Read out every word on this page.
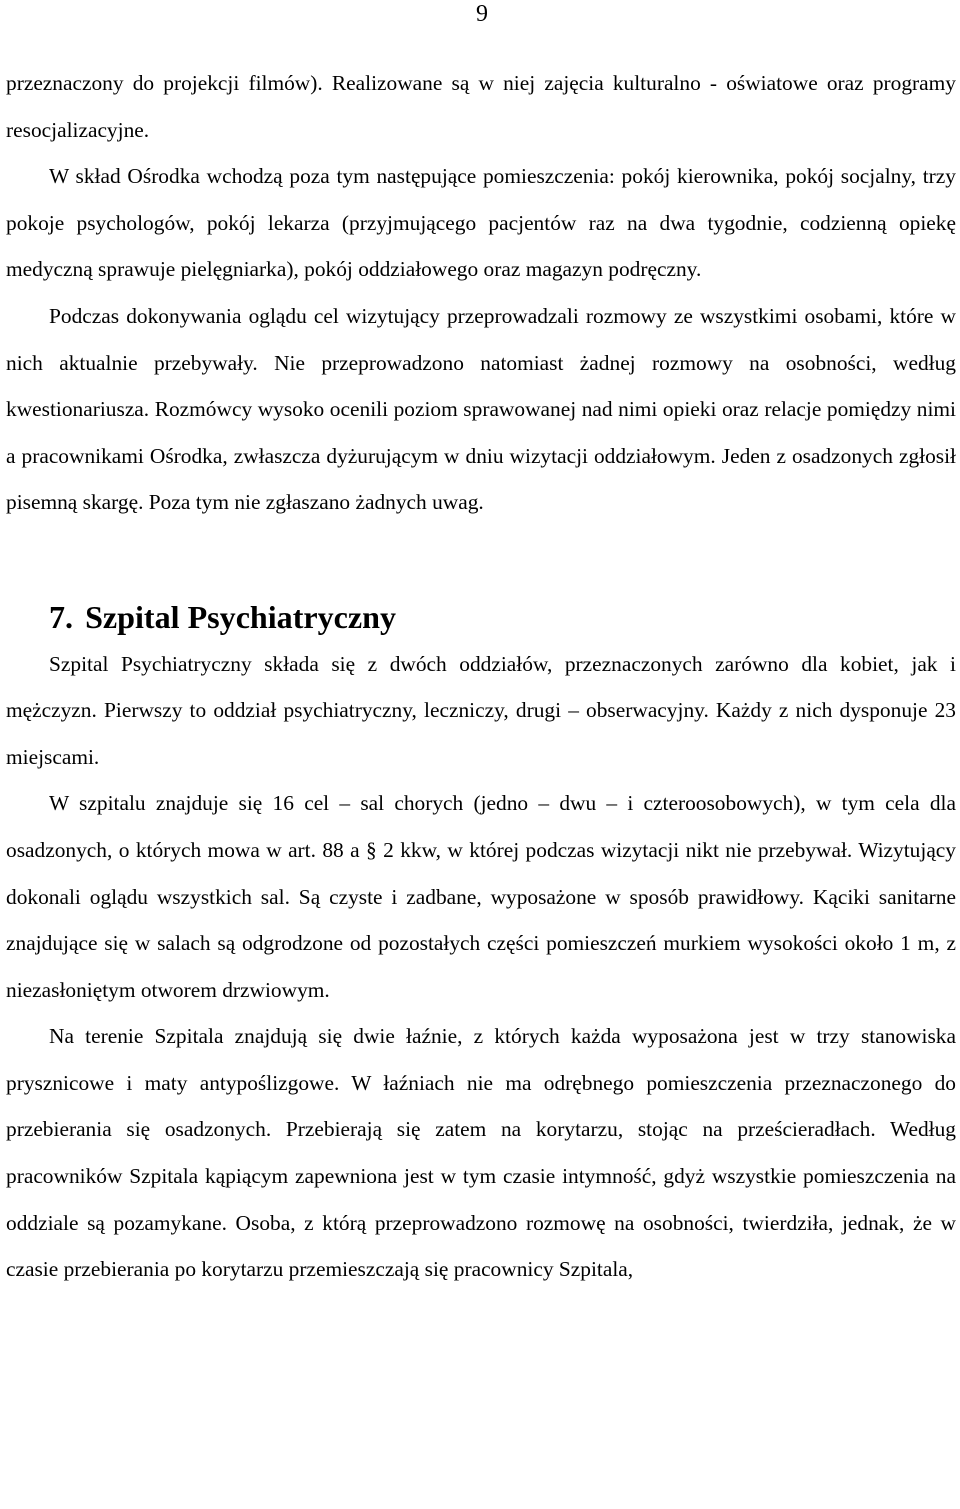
9

przeznaczony do projekcji filmów). Realizowane są w niej zajęcia kulturalno - oświatowe oraz programy resocjalizacyjne.

W skład Ośrodka wchodzą poza tym następujące pomieszczenia: pokój kierownika, pokój socjalny, trzy pokoje psychologów, pokój lekarza (przyjmującego pacjentów raz na dwa tygodnie, codzienną opiekę medyczną sprawuje pielęgniarka), pokój oddziałowego oraz magazyn podręczny.

Podczas dokonywania oglądu cel wizytujący przeprowadzali rozmowy ze wszystkimi osobami, które w nich aktualnie przebywały. Nie przeprowadzono natomiast żadnej rozmowy na osobności, według kwestionariusza. Rozmówcy wysoko ocenili poziom sprawowanej nad nimi opieki oraz relacje pomiędzy nimi a pracownikami Ośrodka, zwłaszcza dyżurującym w dniu wizytacji oddziałowym. Jeden z osadzonych zgłosił pisemną skargę. Poza tym nie zgłaszano żadnych uwag.

7. Szpital Psychiatryczny

Szpital Psychiatryczny składa się z dwóch oddziałów, przeznaczonych zarówno dla kobiet, jak i mężczyzn. Pierwszy to oddział psychiatryczny, leczniczy, drugi – obserwacyjny. Każdy z nich dysponuje 23 miejscami.

W szpitalu znajduje się 16 cel – sal chorych (jedno – dwu – i czteroosobowych), w tym cela dla osadzonych, o których mowa w art. 88 a § 2 kkw, w której podczas wizytacji nikt nie przebywał. Wizytujący dokonali oglądu wszystkich sal. Są czyste i zadbane, wyposażone w sposób prawidłowy. Kąciki sanitarne znajdujące się w salach są odgrodzone od pozostałych części pomieszczeń murkiem wysokości około 1 m, z niezasłoniętym otworem drzwiowym.

Na terenie Szpitala znajdują się dwie łaźnie, z których każda wyposażona jest w trzy stanowiska prysznicowe i maty antypoślizgowe. W łaźniach nie ma odrębnego pomieszczenia przeznaczonego do przebierania się osadzonych. Przebierają się zatem na korytarzu, stojąc na prześcieradłach. Według pracowników Szpitala kąpiącym zapewniona jest w tym czasie intymność, gdyż wszystkie pomieszczenia na oddziale są pozamykane. Osoba, z którą przeprowadzono rozmowę na osobności, twierdziła, jednak, że w czasie przebierania po korytarzu przemieszczają się pracownicy Szpitala,
